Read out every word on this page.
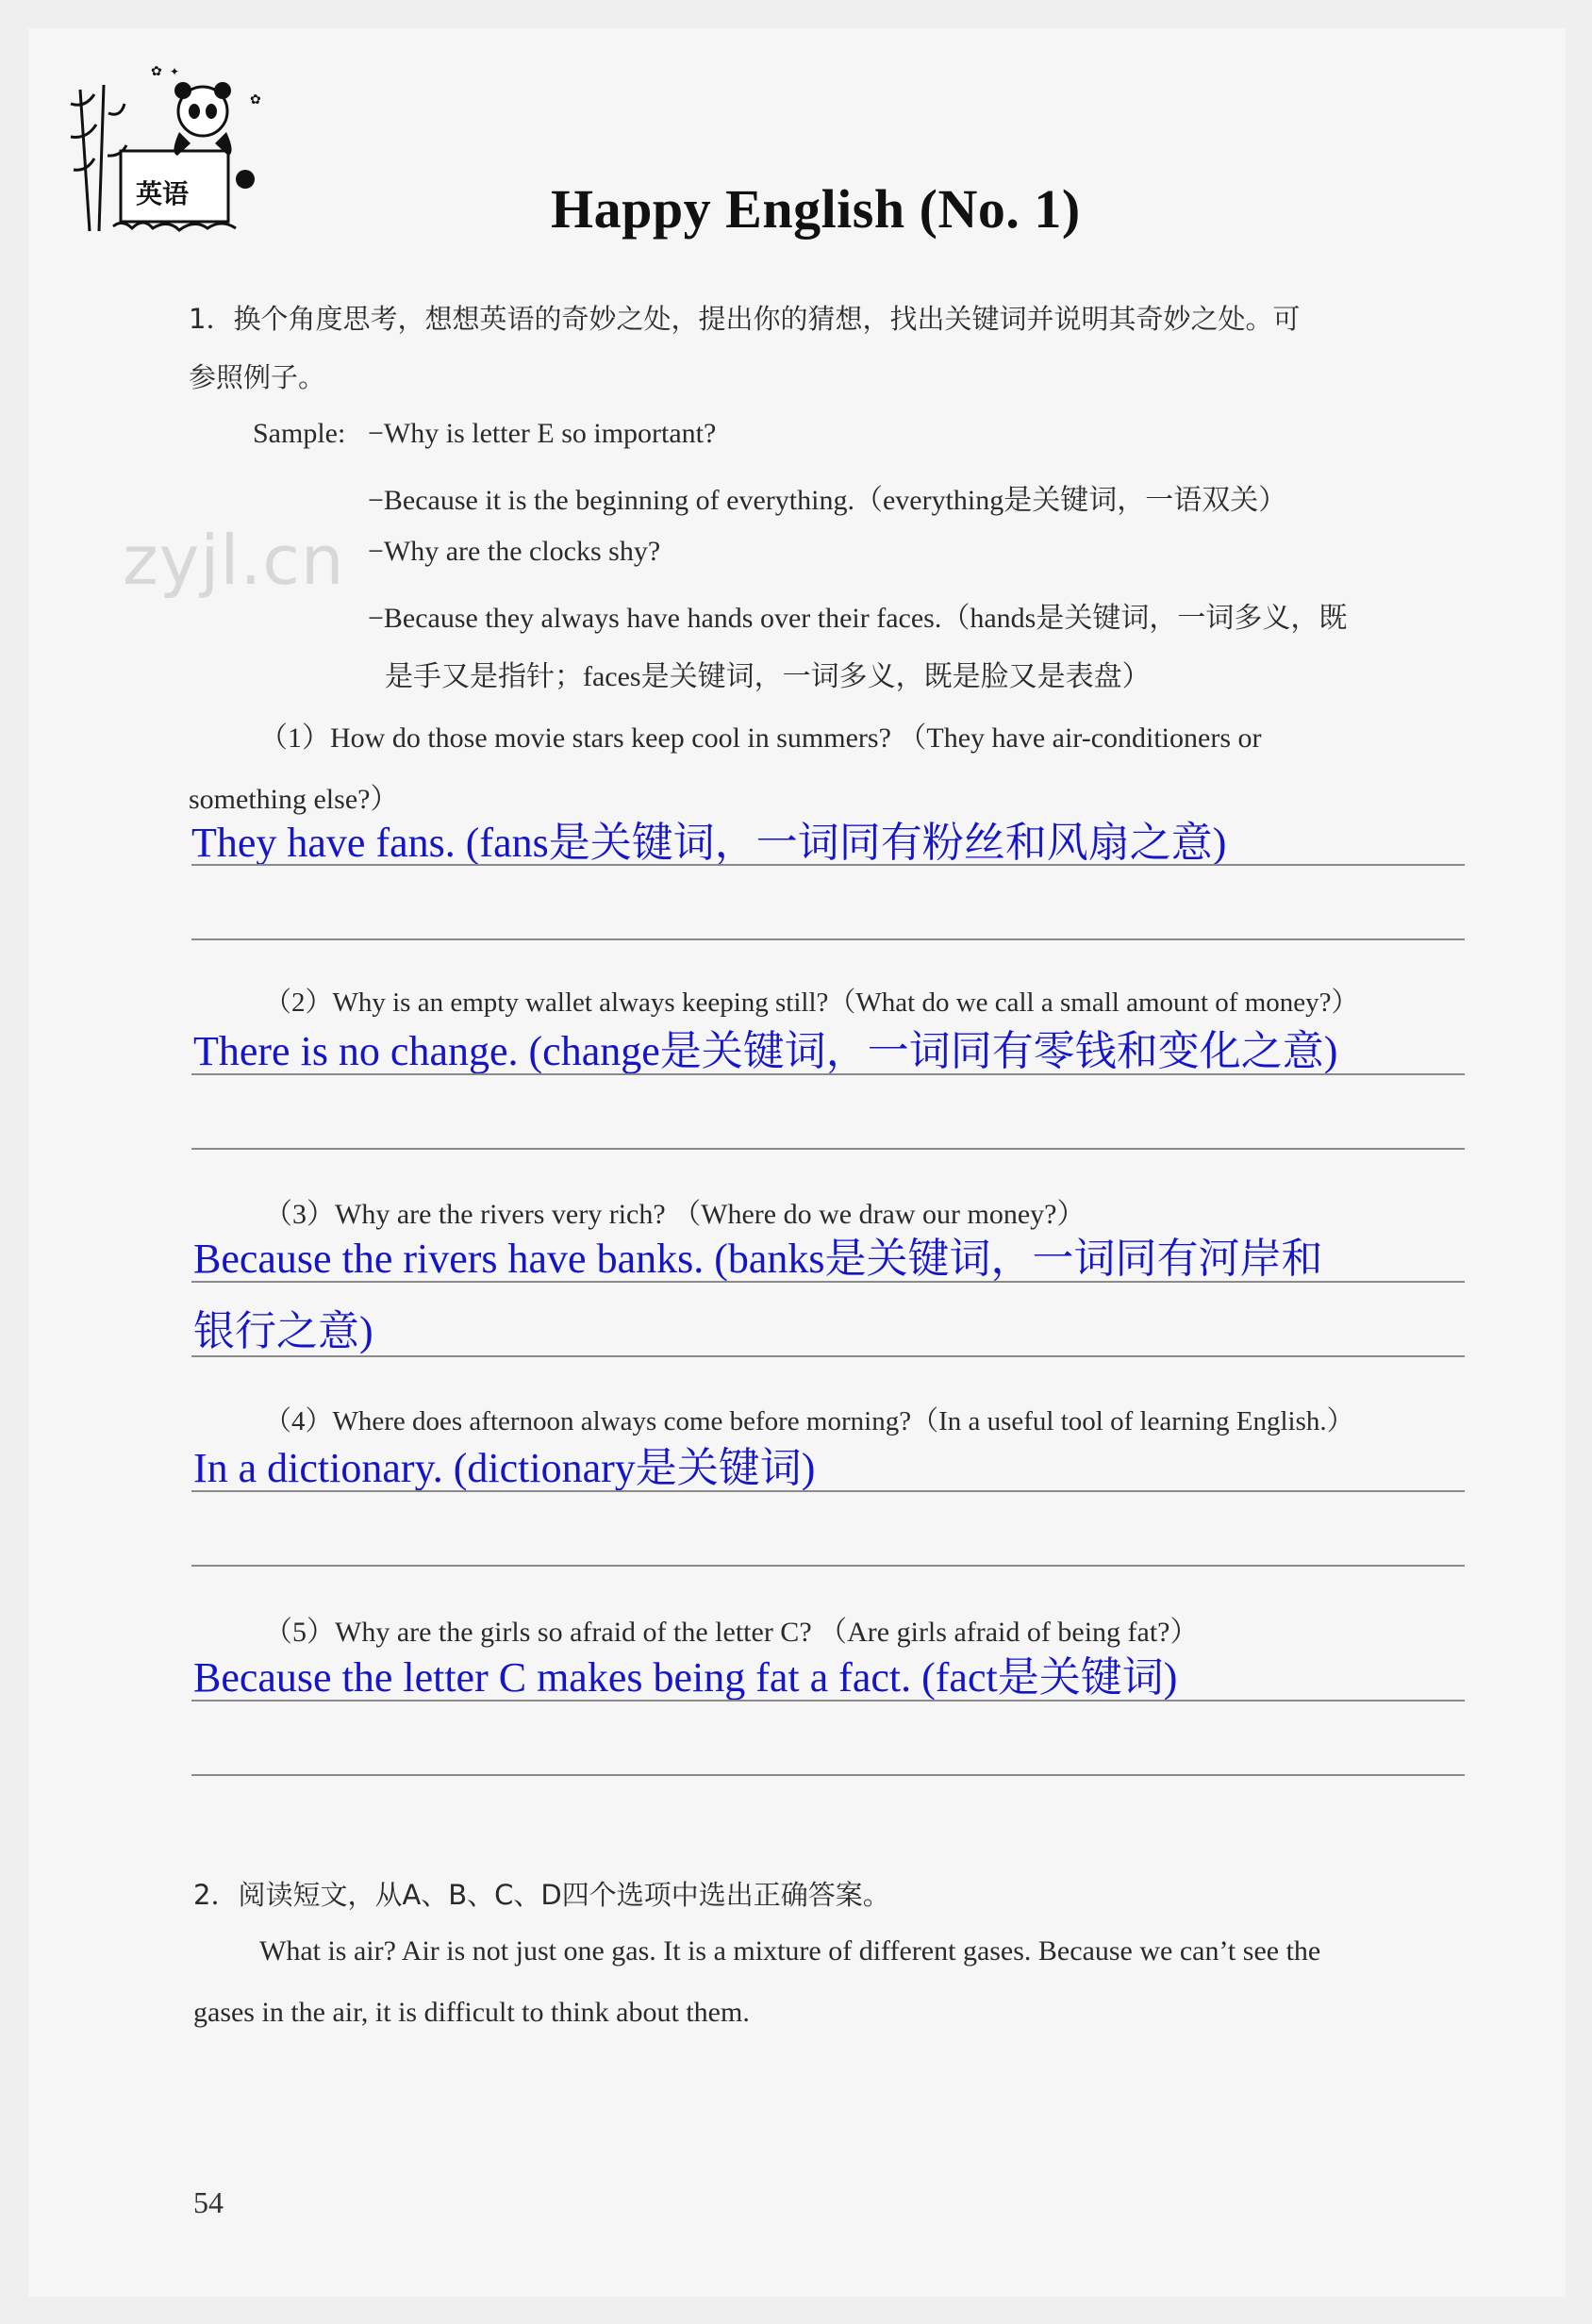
✿
✿
✦
英语	Happy English (No. 1)
zyjl.cn
1．换个角度思考，想想英语的奇妙之处，提出你的猜想，找出关键词并说明其奇妙之处。可
参照例子。
Sample: −Why is letter E so important?
−Because it is the beginning of everything.（everything是关键词，一语双关）
−Why are the clocks shy?
−Because they always have hands over their faces.（hands是关键词，一词多义，既
是手又是指针；faces是关键词，一词多义，既是脸又是表盘）
（1）How do those movie stars keep cool in summers? （They have air-conditioners or
something else?）
They have fans. (fans是关键词，一词同有粉丝和风扇之意)
（2）Why is an empty wallet always keeping still?（What do we call a small amount of money?）
There is no change. (change是关键词，一词同有零钱和变化之意)
（3）Why are the rivers very rich? （Where do we draw our money?）
Because the rivers have banks. (banks是关键词，一词同有河岸和
银行之意)
（4）Where does afternoon always come before morning?（In a useful tool of learning English.）
In a dictionary. (dictionary是关键词)
（5）Why are the girls so afraid of the letter C? （Are girls afraid of being fat?）
Because the letter C makes being fat a fact. (fact是关键词)
2．阅读短文，从A、B、C、D四个选项中选出正确答案。
What is air? Air is not just one gas. It is a mixture of different gases. Because we can’t see the
gases in the air, it is difficult to think about them.
54
